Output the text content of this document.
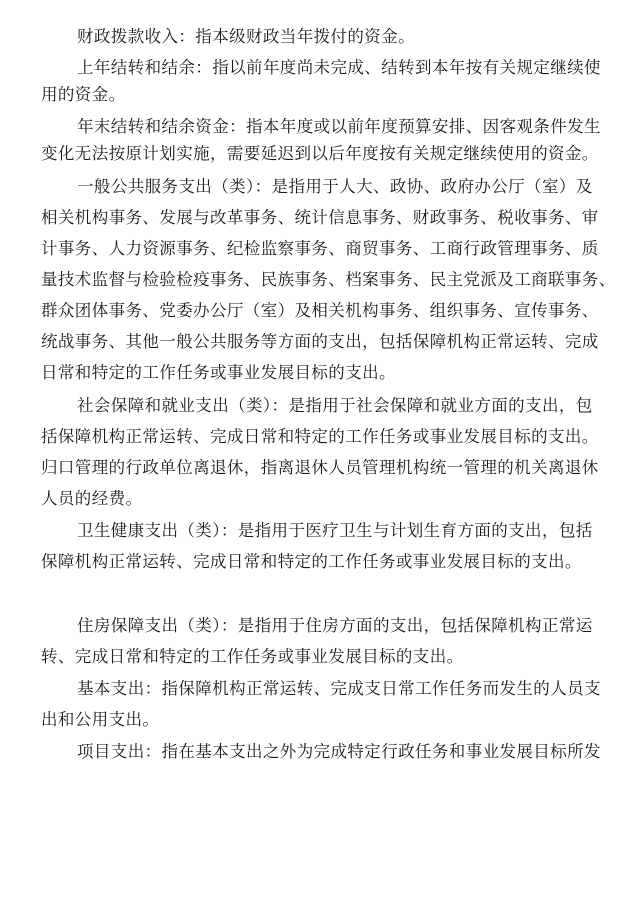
财政拨款收入：指本级财政当年拨付的资金。
上年结转和结余：指以前年度尚未完成、结转到本年按有关规定继续使
用的资金。
年末结转和结余资金：指本年度或以前年度预算安排、因客观条件发生
变化无法按原计划实施，需要延迟到以后年度按有关规定继续使用的资金。
一般公共服务支出（类）：是指用于人大、政协、政府办公厅（室）及
相关机构事务、发展与改革事务、统计信息事务、财政事务、税收事务、审
计事务、人力资源事务、纪检监察事务、商贸事务、工商行政管理事务、质
量技术监督与检验检疫事务、民族事务、档案事务、民主党派及工商联事务、
群众团体事务、党委办公厅（室）及相关机构事务、组织事务、宣传事务、
统战事务、其他一般公共服务等方面的支出，包括保障机构正常运转、完成
日常和特定的工作任务或事业发展目标的支出。
社会保障和就业支出（类）：是指用于社会保障和就业方面的支出，包
括保障机构正常运转、完成日常和特定的工作任务或事业发展目标的支出。
归口管理的行政单位离退休，指离退休人员管理机构统一管理的机关离退休
人员的经费。
卫生健康支出（类）：是指用于医疗卫生与计划生育方面的支出，包括
保障机构正常运转、完成日常和特定的工作任务或事业发展目标的支出。
住房保障支出（类）：是指用于住房方面的支出，包括保障机构正常运
转、完成日常和特定的工作任务或事业发展目标的支出。
基本支出：指保障机构正常运转、完成支日常工作任务而发生的人员支
出和公用支出。
项目支出：指在基本支出之外为完成特定行政任务和事业发展目标所发
